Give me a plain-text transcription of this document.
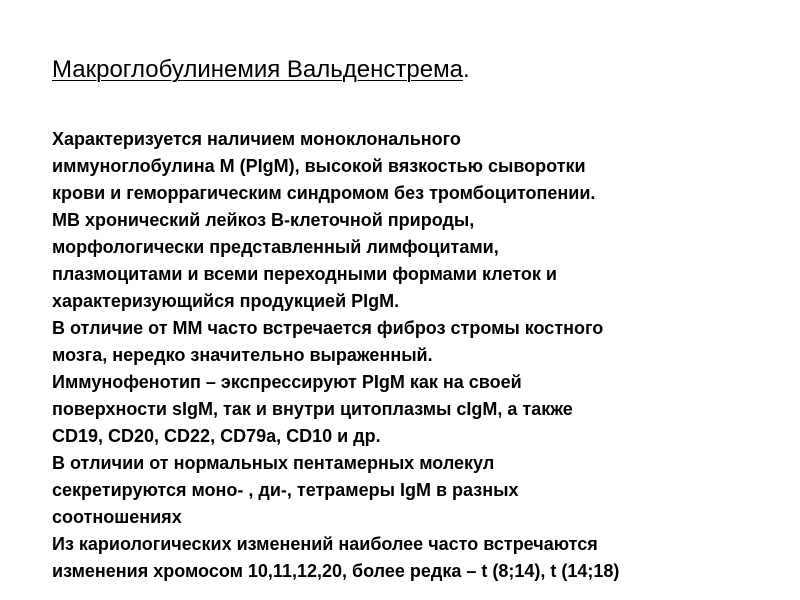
Макроглобулинемия Вальденстрема.
Характеризуется наличием моноклонального
иммуноглобулина М (PIgM), высокой вязкостью сыворотки
крови и геморрагическим синдромом без тромбоцитопении.
МВ хронический лейкоз В-клеточной природы,
морфологически представленный лимфоцитами,
плазмоцитами и всеми переходными формами клеток и
характеризующийся продукцией PIgM.
В отличие от ММ часто встречается фиброз стромы костного
мозга, нередко значительно выраженный.
Иммунофенотип – экспрессируют PIgM как на своей
поверхности sIgM, так и внутри цитоплазмы cIgM, а также
CD19, CD20, CD22, CD79a, CD10 и др.
В отличии от нормальных пентамерных молекул
секретируются моно- , ди-, тетрамеры IgM в разных
соотношениях
Из кариологических изменений наиболее часто встречаются
изменения хромосом 10,11,12,20, более редка – t (8;14), t (14;18)
